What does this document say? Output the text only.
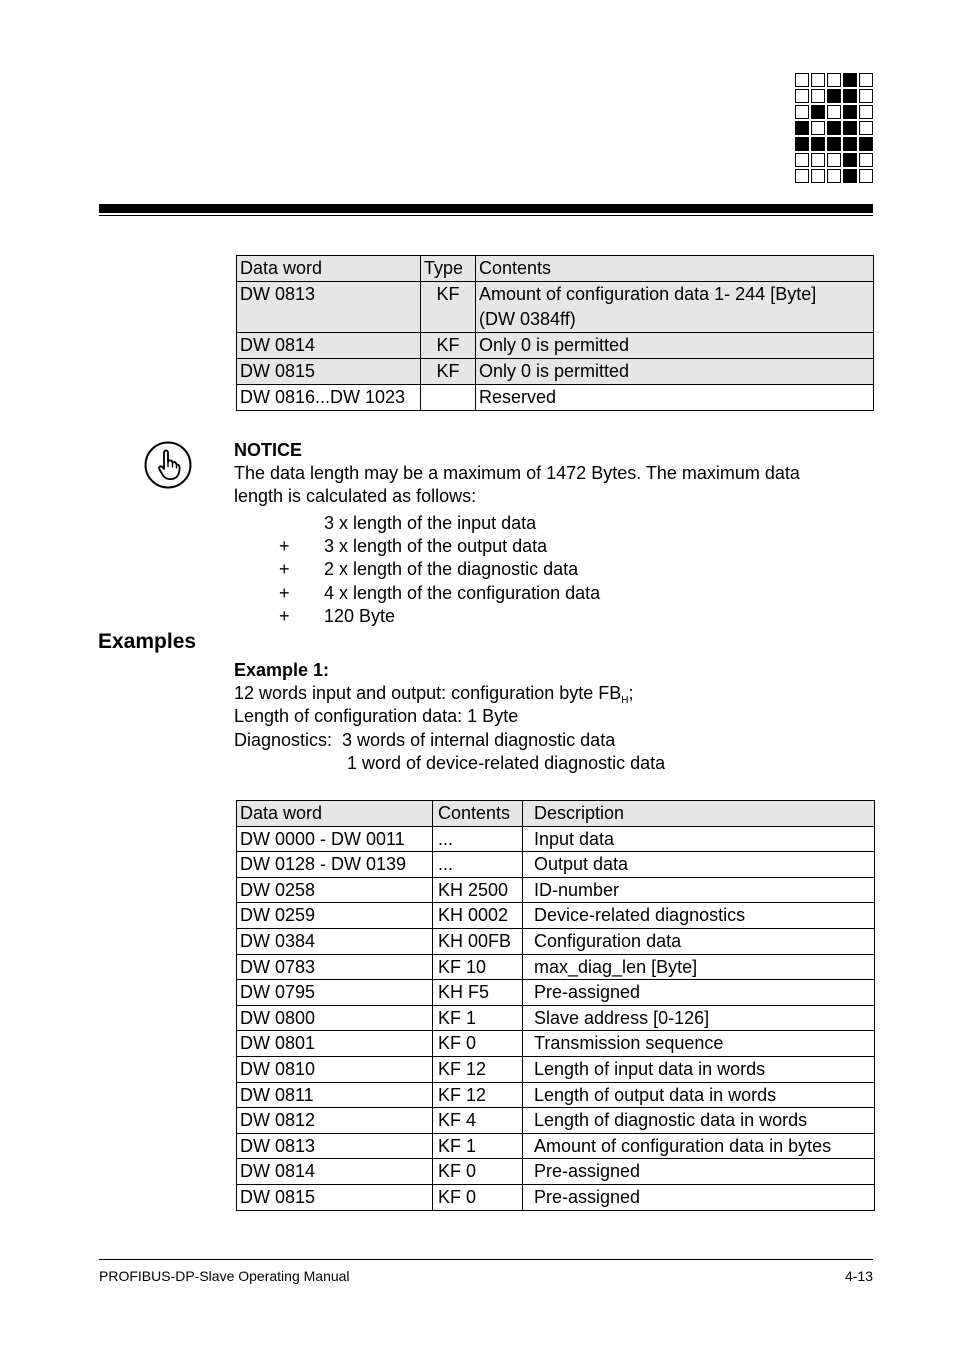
Data word	Type	Contents
DW 0813	KF	Amount of configuration data 1- 244 [Byte]
(DW 0384ff)

DW 0814	KF	Only 0 is permitted
DW 0815	KF	Only 0 is permitted
DW 0816...DW 1023		Reserved
NOTICE
The data length may be a maximum of 1472 Bytes. The maximum data
length is calculated as follows:
3 x length of the input data
+ 3 x length of the output data
+ 2 x length of the diagnostic data
+ 4 x length of the configuration data
+ 120 Byte
Examples
Example 1:
12 words input and output: configuration byte $FB_H$;
Length of configuration data: 1 Byte
Diagnostics:  3 words of internal diagnostic data
1 word of device-related diagnostic data
Data word	Contents	Description
DW 0000 - DW 0011	...	Input data
DW 0128 - DW 0139	...	Output data
DW 0258	KH 2500	ID-number
DW 0259	KH 0002	Device-related diagnostics
DW 0384	KH 00FB	Configuration data
DW 0783	KF 10	max_diag_len [Byte]
DW 0795	KH F5	Pre-assigned
DW 0800	KF 1	Slave address [0-126]
DW 0801	KF 0	Transmission sequence
DW 0810	KF 12	Length of input data in words
DW 0811	KF 12	Length of output data in words
DW 0812	KF 4	Length of diagnostic data in words
DW 0813	KF 1	Amount of configuration data in bytes
DW 0814	KF 0	Pre-assigned
DW 0815	KF 0	Pre-assigned
PROFIBUS-DP-Slave Operating Manual	4-13
